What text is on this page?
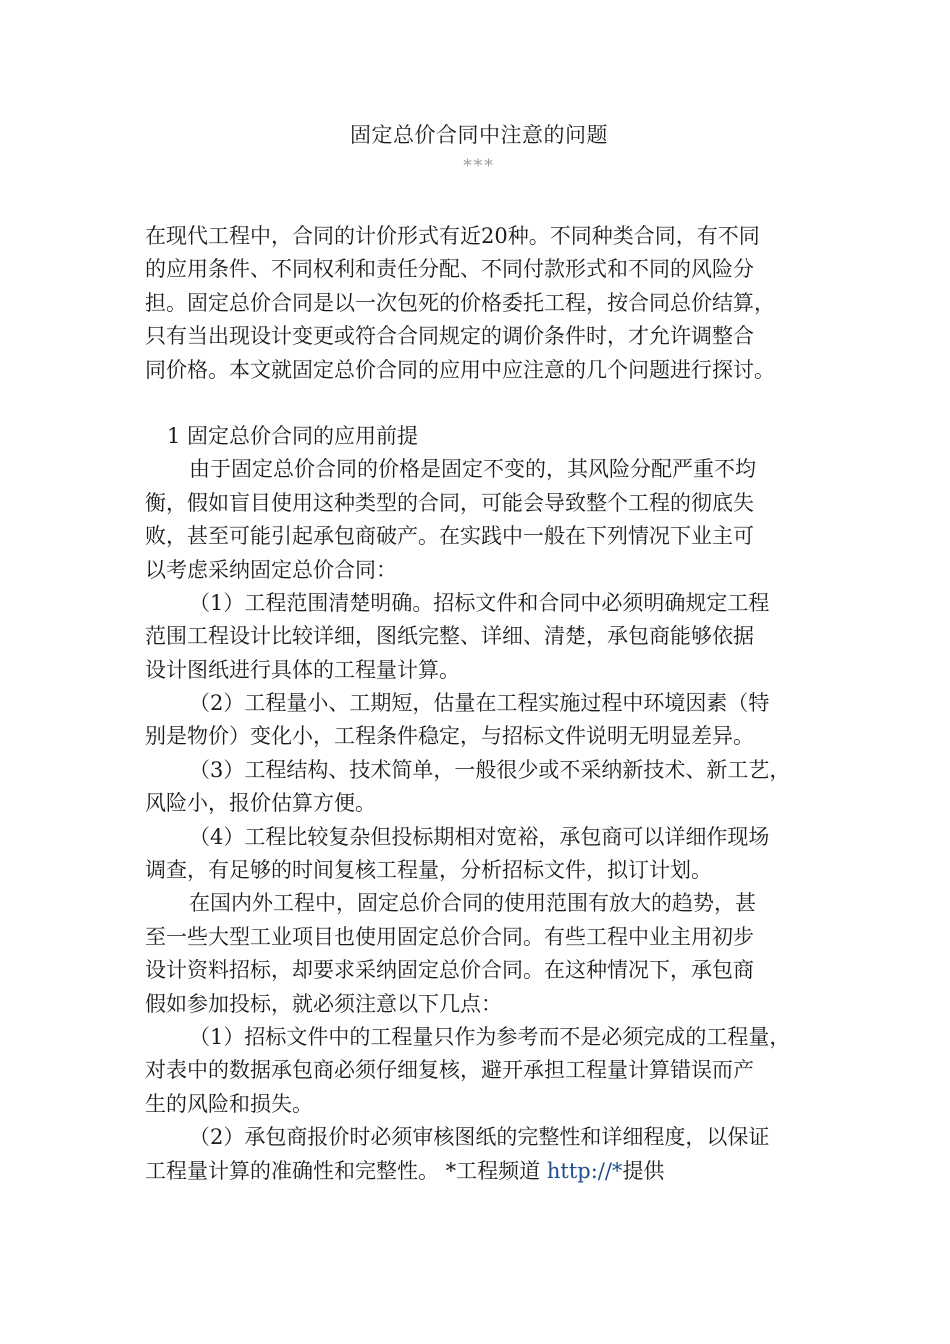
固定总价合同中注意的问题
***
在现代工程中，合同的计价形式有近20种。不同种类合同，有不同
的应用条件、不同权利和责任分配、不同付款形式和不同的风险分
担。固定总价合同是以一次包死的价格委托工程，按合同总价结算，
只有当出现设计变更或符合合同规定的调价条件时，才允许调整合
同价格。本文就固定总价合同的应用中应注意的几个问题进行探讨。
1 固定总价合同的应用前提
由于固定总价合同的价格是固定不变的，其风险分配严重不均
衡，假如盲目使用这种类型的合同，可能会导致整个工程的彻底失
败，甚至可能引起承包商破产。在实践中一般在下列情况下业主可
以考虑采纳固定总价合同：
（1）工程范围清楚明确。招标文件和合同中必须明确规定工程
范围工程设计比较详细，图纸完整、详细、清楚，承包商能够依据
设计图纸进行具体的工程量计算。
（2）工程量小、工期短，估量在工程实施过程中环境因素（特
别是物价）变化小，工程条件稳定，与招标文件说明无明显差异。
（3）工程结构、技术简单，一般很少或不采纳新技术、新工艺，
风险小，报价估算方便。
（4）工程比较复杂但投标期相对宽裕，承包商可以详细作现场
调查，有足够的时间复核工程量，分析招标文件，拟订计划。
在国内外工程中，固定总价合同的使用范围有放大的趋势，甚
至一些大型工业项目也使用固定总价合同。有些工程中业主用初步
设计资料招标，却要求采纳固定总价合同。在这种情况下，承包商
假如参加投标，就必须注意以下几点：
（1）招标文件中的工程量只作为参考而不是必须完成的工程量，
对表中的数据承包商必须仔细复核，避开承担工程量计算错误而产
生的风险和损失。
（2）承包商报价时必须审核图纸的完整性和详细程度，以保证
工程量计算的准确性和完整性。 *工程频道 http://*提供
